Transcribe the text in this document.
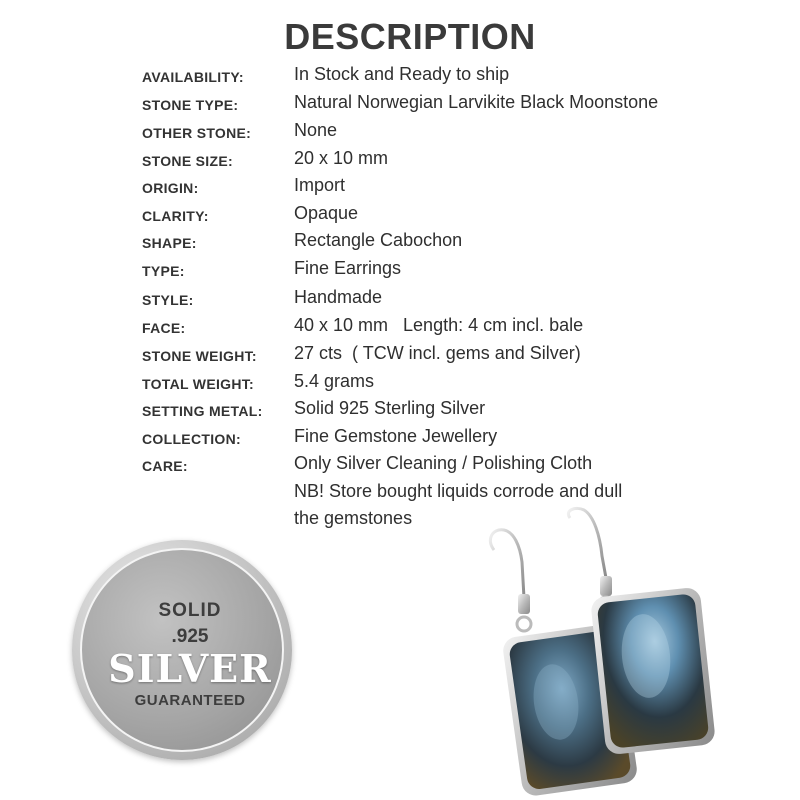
DESCRIPTION
AVAILABILITY:	In Stock and Ready to ship
STONE TYPE:	Natural Norwegian Larvikite Black Moonstone
OTHER STONE: None
STONE SIZE:	20 x 10 mm
ORIGIN:	Import
CLARITY:	Opaque
SHAPE:	Rectangle Cabochon
TYPE:	Fine Earrings
STYLE:	Handmade
FACE:	40 x 10 mm   Length: 4 cm incl. bale
STONE WEIGHT: 27 cts  ( TCW incl. gems and Silver)
TOTAL WEIGHT: 5.4 grams
SETTING METAL: Solid 925 Sterling Silver
COLLECTION:	Fine Gemstone Jewellery
CARE:	Only Silver Cleaning / Polishing Cloth
NB! Store bought liquids corrode and dull
the gemstones
SOLID
.925
SILVER
GUARANTEED
